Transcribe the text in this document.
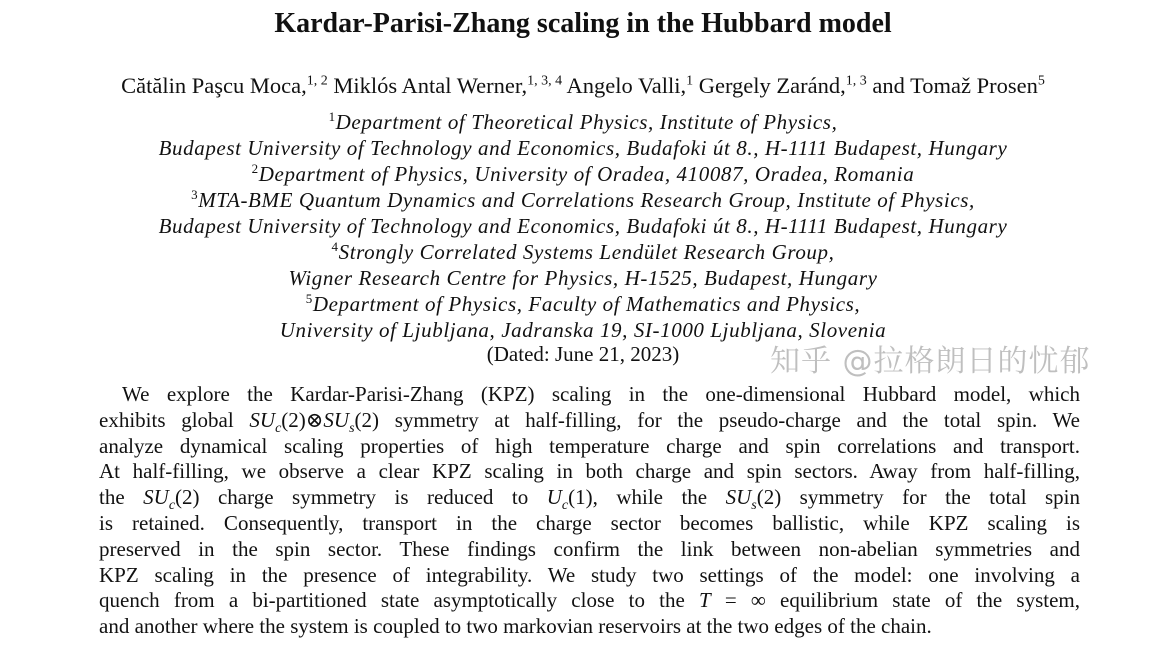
Kardar-Parisi-Zhang scaling in the Hubbard model
Cătălin Paşcu Moca,$^{1, 2}$ Miklós Antal Werner,$^{1, 3, 4}$ Angelo Valli,$^1$ Gergely Zaránd,$^{1, 3}$ and Tomaž Prosen$^5$
$^1$Department of Theoretical Physics, Institute of Physics,
Budapest University of Technology and Economics, Budafoki út 8., H-1111 Budapest, Hungary
$^2$Department of Physics, University of Oradea, 410087, Oradea, Romania
$^3$MTA-BME Quantum Dynamics and Correlations Research Group, Institute of Physics,
Budapest University of Technology and Economics, Budafoki út 8., H-1111 Budapest, Hungary
$^4$Strongly Correlated Systems Lendület Research Group,
Wigner Research Centre for Physics, H-1525, Budapest, Hungary
$^5$Department of Physics, Faculty of Mathematics and Physics,
University of Ljubljana, Jadranska 19, SI-1000 Ljubljana, Slovenia
(Dated: June 21, 2023)
We explore the Kardar-Parisi-Zhang (KPZ) scaling in the one-dimensional Hubbard model, which
exhibits global $SU_c(2)\otimes SU_s(2)$ symmetry at half-filling, for the pseudo-charge and the total spin. We
analyze dynamical scaling properties of high temperature charge and spin correlations and transport.
At half-filling, we observe a clear KPZ scaling in both charge and spin sectors. Away from half-filling,
the $SU_c(2)$ charge symmetry is reduced to $U_c(1)$, while the $SU_s(2)$ symmetry for the total spin
is retained. Consequently, transport in the charge sector becomes ballistic, while KPZ scaling is
preserved in the spin sector. These findings confirm the link between non-abelian symmetries and
KPZ scaling in the presence of integrability. We study two settings of the model: one involving a
quench from a bi-partitioned state asymptotically close to the T = ∞ equilibrium state of the system,
and another where the system is coupled to two markovian reservoirs at the two edges of the chain.
知乎 @拉格朗日的忧郁
